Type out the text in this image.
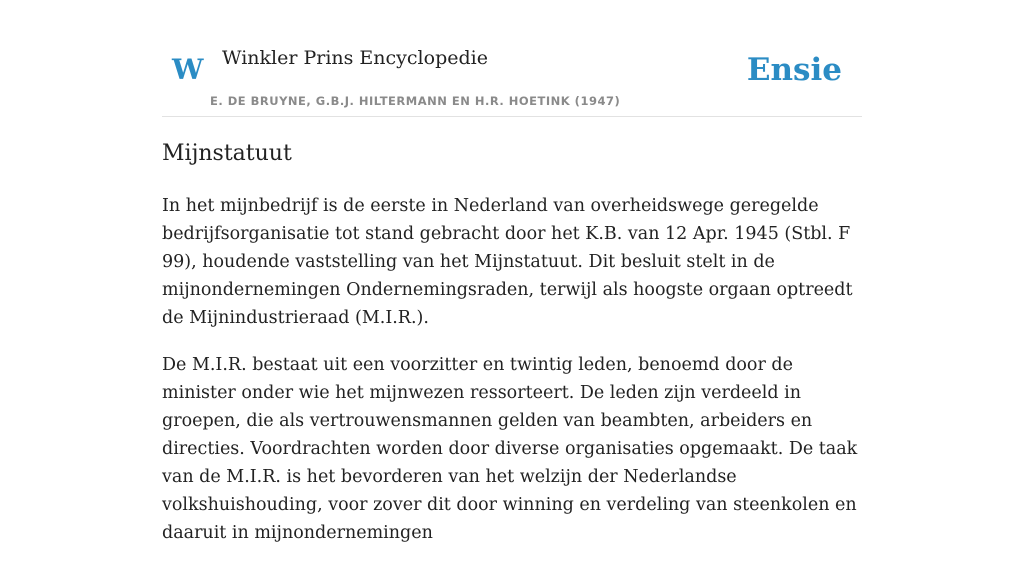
W Winkler Prins Encyclopedie
E. DE BRUYNE, G.B.J. HILTERMANN EN H.R. HOETINK (1947)
Ensie
Mijnstatuut

In het mijnbedrijf is de eerste in Nederland van overheidswege geregelde bedrijfsorganisatie tot stand gebracht door het K.B. van 12 Apr. 1945 (Stbl. F 99), houdende vaststelling van het Mijnstatuut. Dit besluit stelt in de mijnondernemingen Ondernemingsraden, terwijl als hoogste orgaan optreedt de Mijnindustrieraad (M.I.R.).

De M.I.R. bestaat uit een voorzitter en twintig leden, benoemd door de minister onder wie het mijnwezen ressorteert. De leden zijn verdeeld in groepen, die als vertrouwensmannen gelden van beambten, arbeiders en directies. Voordrachten worden door diverse organisaties opgemaakt. De taak van de M.I.R. is het bevorderen van het welzijn der Nederlandse volkshuishouding, voor zover dit door winning en verdeling van steenkolen en daaruit in mijnondernemingen
